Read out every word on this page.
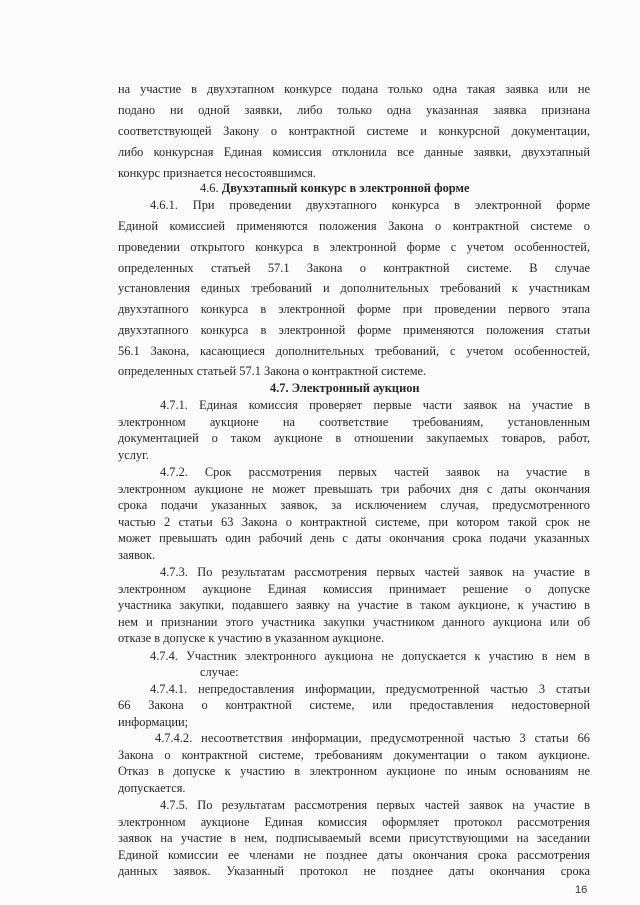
на участие в двухэтапном конкурсе подана только одна такая заявка или не
подано ни одной заявки, либо только одна указанная заявка признана
соответствующей Закону о контрактной системе и конкурсной документации,
либо конкурсная Единая комиссия отклонила все данные заявки, двухэтапный
конкурс признается несостоявшимся.
4.6. Двухэтапный конкурс в электронной форме
4.6.1. При проведении двухэтапного конкурса в электронной форме
Единой комиссией применяются положения Закона о контрактной системе о
проведении открытого конкурса в электронной форме с учетом особенностей,
определенных статьей 57.1 Закона о контрактной системе. В случае
установления единых требований и дополнительных требований к участникам
двухэтапного конкурса в электронной форме при проведении первого этапа
двухэтапного конкурса в электронной форме применяются положения статьи
56.1 Закона, касающиеся дополнительных требований, с учетом особенностей,
определенных статьей 57.1 Закона о контрактной системе.
4.7. Электронный аукцион
4.7.1. Единая комиссия проверяет первые части заявок на участие в
электронном аукционе на соответствие требованиям, установленным
документацией о таком аукционе в отношении закупаемых товаров, работ,
услуг.
4.7.2. Срок рассмотрения первых частей заявок на участие в
электронном аукционе не может превышать три рабочих дня с даты окончания
срока подачи указанных заявок, за исключением случая, предусмотренного
частью 2 статьи 63 Закона о контрактной системе, при котором такой срок не
может превышать один рабочий день с даты окончания срока подачи указанных
заявок.
4.7.3. По результатам рассмотрения первых частей заявок на участие в
электронном аукционе Единая комиссия принимает решение о допуске
участника закупки, подавшего заявку на участие в таком аукционе, к участию в
нем и признании этого участника закупки участником данного аукциона или об
отказе в допуске к участию в указанном аукционе.
4.7.4. Участник электронного аукциона не допускается к участию в нем в
случае:
4.7.4.1. непредоставления информации, предусмотренной частью 3 статьи
66 Закона о контрактной системе, или предоставления недостоверной
информации;
4.7.4.2. несоответствия информации, предусмотренной частью 3 статьи 66
Закона о контрактной системе, требованиям документации о таком аукционе.
Отказ в допуске к участию в электронном аукционе по иным основаниям не
допускается.
4.7.5. По результатам рассмотрения первых частей заявок на участие в
электронном аукционе Единая комиссия оформляет протокол рассмотрения
заявок на участие в нем, подписываемый всеми присутствующими на заседании
Единой комиссии ее членами не позднее даты окончания срока рассмотрения
данных заявок. Указанный протокол не позднее даты окончания срока
16
